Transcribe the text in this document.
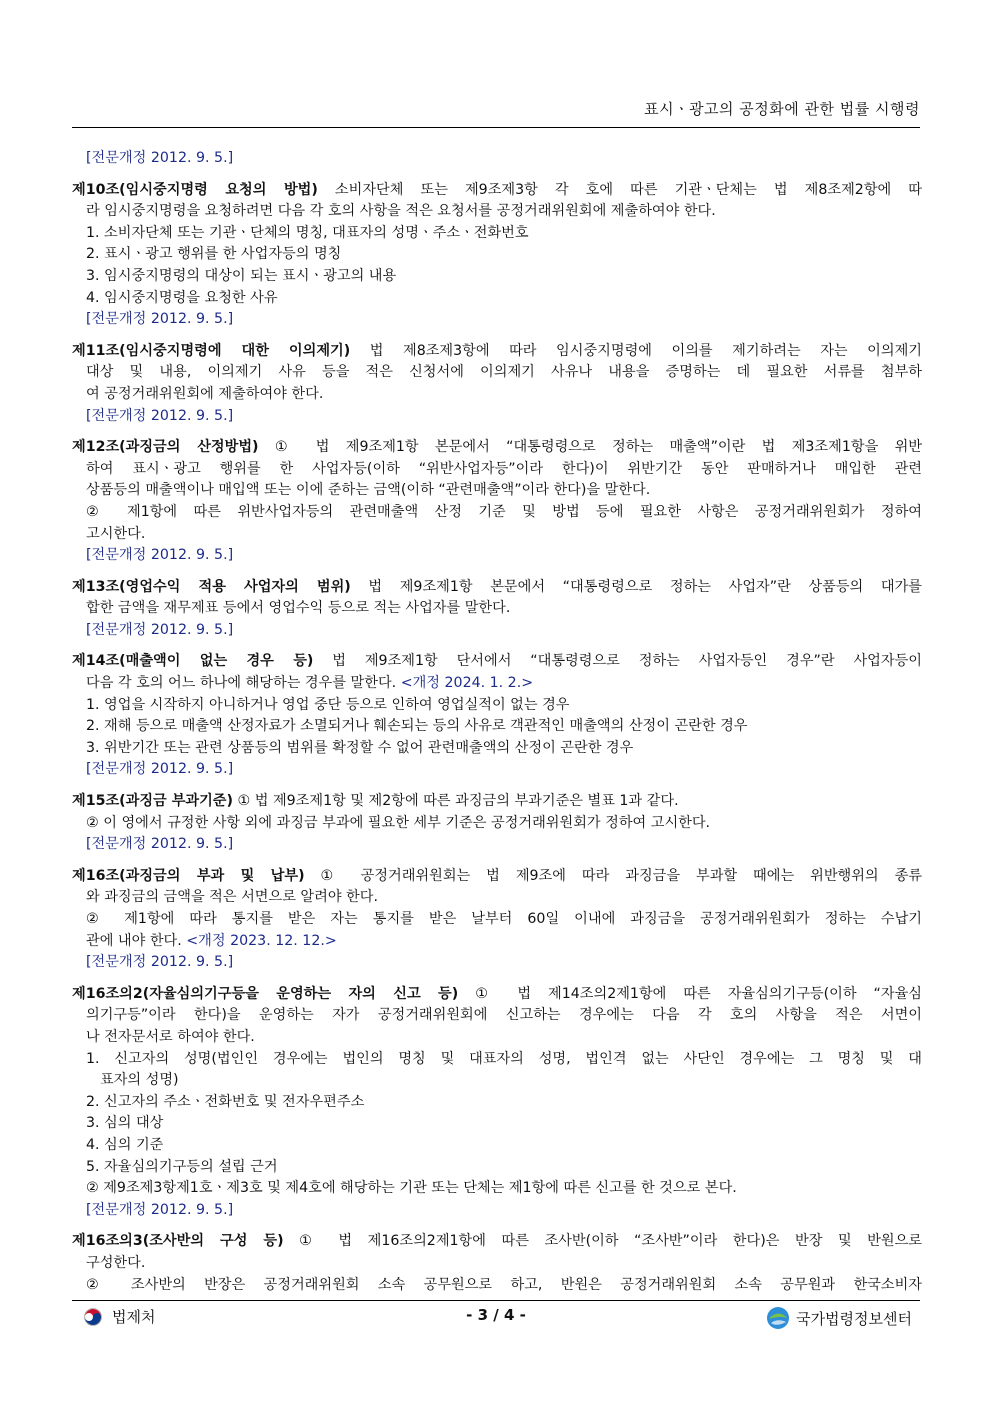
표시ㆍ광고의 공정화에 관한 법률 시행령
[전문개정 2012. 9. 5.]
제10조(임시중지명령 요청의 방법) 소비자단체 또는 제9조제3항 각 호에 따른 기관ㆍ단체는 법 제8조제2항에 따
라 임시중지명령을 요청하려면 다음 각 호의 사항을 적은 요청서를 공정거래위원회에 제출하여야 한다.
1. 소비자단체 또는 기관ㆍ단체의 명칭, 대표자의 성명ㆍ주소ㆍ전화번호
2. 표시ㆍ광고 행위를 한 사업자등의 명칭
3. 임시중지명령의 대상이 되는 표시ㆍ광고의 내용
4. 임시중지명령을 요청한 사유
[전문개정 2012. 9. 5.]
제11조(임시중지명령에 대한 이의제기) 법 제8조제3항에 따라 임시중지명령에 이의를 제기하려는 자는 이의제기
대상 및 내용, 이의제기 사유 등을 적은 신청서에 이의제기 사유나 내용을 증명하는 데 필요한 서류를 첨부하
여 공정거래위원회에 제출하여야 한다.
[전문개정 2012. 9. 5.]
제12조(과징금의 산정방법) ① 법 제9조제1항 본문에서 “대통령령으로 정하는 매출액”이란 법 제3조제1항을 위반
하여 표시ㆍ광고 행위를 한 사업자등(이하 “위반사업자등”이라 한다)이 위반기간 동안 판매하거나 매입한 관련
상품등의 매출액이나 매입액 또는 이에 준하는 금액(이하 “관련매출액”이라 한다)을 말한다.
② 제1항에 따른 위반사업자등의 관련매출액 산정 기준 및 방법 등에 필요한 사항은 공정거래위원회가 정하여
고시한다.
[전문개정 2012. 9. 5.]
제13조(영업수익 적용 사업자의 범위) 법 제9조제1항 본문에서 “대통령령으로 정하는 사업자”란 상품등의 대가를
합한 금액을 재무제표 등에서 영업수익 등으로 적는 사업자를 말한다.
[전문개정 2012. 9. 5.]
제14조(매출액이 없는 경우 등) 법 제9조제1항 단서에서 “대통령령으로 정하는 사업자등인 경우”란 사업자등이
다음 각 호의 어느 하나에 해당하는 경우를 말한다. <개정 2024. 1. 2.>
1. 영업을 시작하지 아니하거나 영업 중단 등으로 인하여 영업실적이 없는 경우
2. 재해 등으로 매출액 산정자료가 소멸되거나 훼손되는 등의 사유로 객관적인 매출액의 산정이 곤란한 경우
3. 위반기간 또는 관련 상품등의 범위를 확정할 수 없어 관련매출액의 산정이 곤란한 경우
[전문개정 2012. 9. 5.]
제15조(과징금 부과기준) ① 법 제9조제1항 및 제2항에 따른 과징금의 부과기준은 별표 1과 같다.
② 이 영에서 규정한 사항 외에 과징금 부과에 필요한 세부 기준은 공정거래위원회가 정하여 고시한다.
[전문개정 2012. 9. 5.]
제16조(과징금의 부과 및 납부) ① 공정거래위원회는 법 제9조에 따라 과징금을 부과할 때에는 위반행위의 종류
와 과징금의 금액을 적은 서면으로 알려야 한다.
② 제1항에 따라 통지를 받은 자는 통지를 받은 날부터 60일 이내에 과징금을 공정거래위원회가 정하는 수납기
관에 내야 한다. <개정 2023. 12. 12.>
[전문개정 2012. 9. 5.]
제16조의2(자율심의기구등을 운영하는 자의 신고 등) ① 법 제14조의2제1항에 따른 자율심의기구등(이하 “자율심
의기구등”이라 한다)을 운영하는 자가 공정거래위원회에 신고하는 경우에는 다음 각 호의 사항을 적은 서면이
나 전자문서로 하여야 한다.
1. 신고자의 성명(법인인 경우에는 법인의 명칭 및 대표자의 성명, 법인격 없는 사단인 경우에는 그 명칭 및 대
표자의 성명)
2. 신고자의 주소ㆍ전화번호 및 전자우편주소
3. 심의 대상
4. 심의 기준
5. 자율심의기구등의 설립 근거
② 제9조제3항제1호ㆍ제3호 및 제4호에 해당하는 기관 또는 단체는 제1항에 따른 신고를 한 것으로 본다.
[전문개정 2012. 9. 5.]
제16조의3(조사반의 구성 등) ① 법 제16조의2제1항에 따른 조사반(이하 “조사반”이라 한다)은 반장 및 반원으로
구성한다.
② 조사반의 반장은 공정거래위원회 소속 공무원으로 하고, 반원은 공정거래위원회 소속 공무원과 한국소비자
법제처	- 3 / 4 -	국가법령정보센터
